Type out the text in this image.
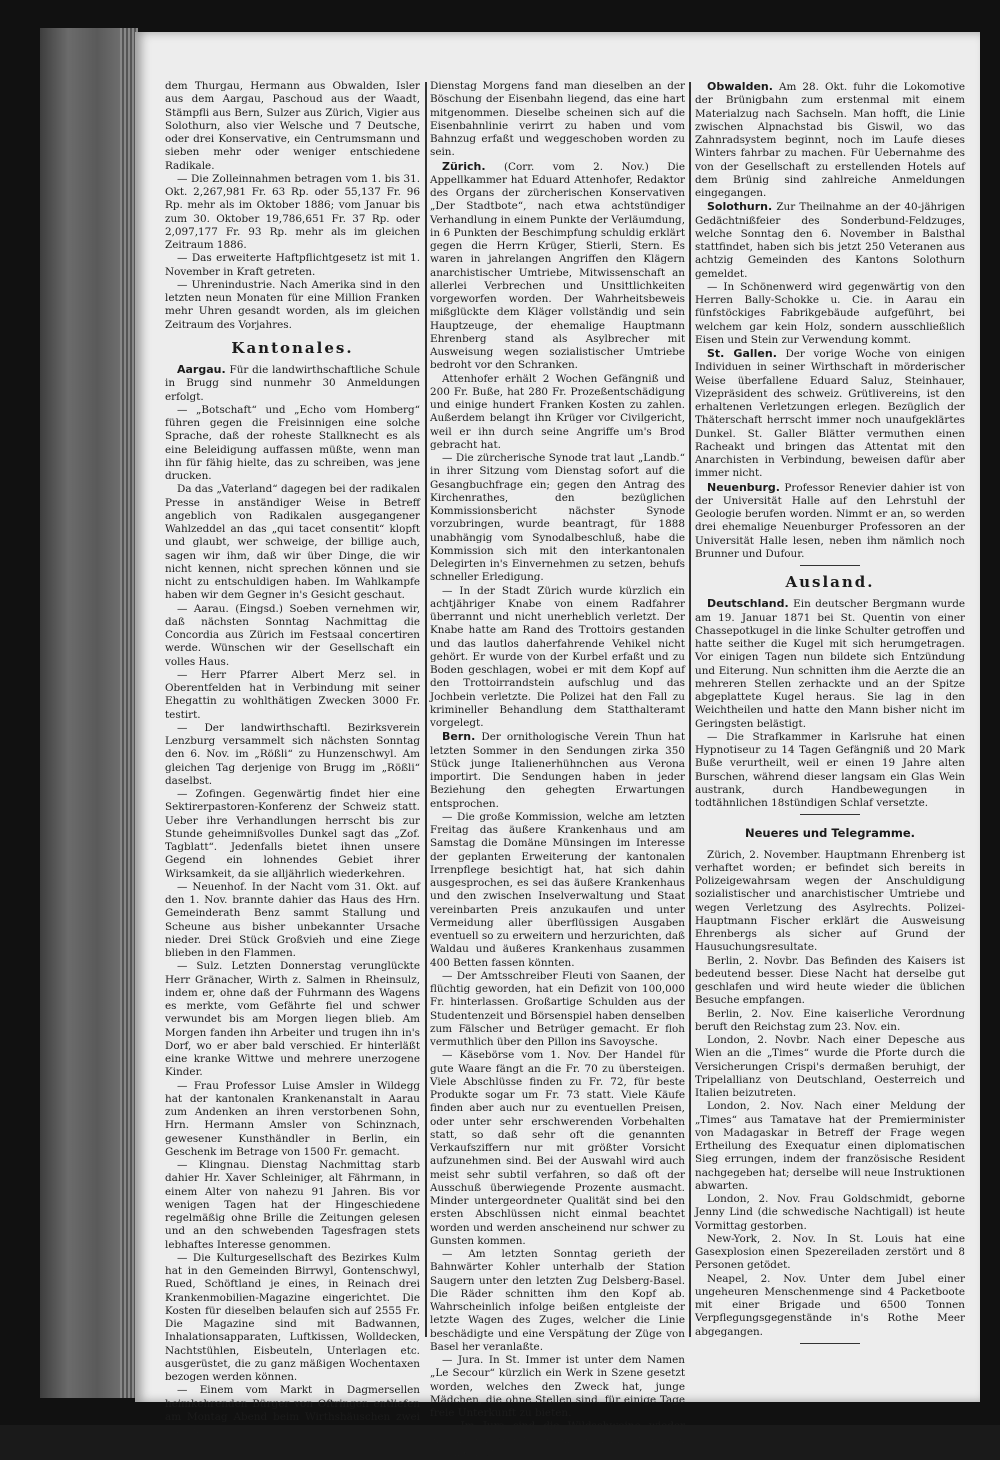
dem Thurgau, Hermann aus Obwalden, Isler aus dem Aargau, Paschoud aus der Waadt, Stämpfli aus Bern, Sulzer aus Zürich, Vigier aus Solothurn, also vier Welsche und 7 Deutsche, oder drei Konservative, ein Centrumsmann und sieben mehr oder weniger entschiedene Radikale.

— Die Zolleinnahmen betragen vom 1. bis 31. Okt. 2,267,981 Fr. 63 Rp. oder 55,137 Fr. 96 Rp. mehr als im Oktober 1886; vom Januar bis zum 30. Oktober 19,786,651 Fr. 37 Rp. oder 2,097,177 Fr. 93 Rp. mehr als im gleichen Zeitraum 1886.

— Das erweiterte Haftpflichtgesetz ist mit 1. November in Kraft getreten.

— Uhrenindustrie. Nach Amerika sind in den letzten neun Monaten für eine Million Franken mehr Uhren gesandt worden, als im gleichen Zeitraum des Vorjahres.

Kantonales.

Aargau. Für die landwirthschaftliche Schule in Brugg sind nunmehr 30 Anmeldungen erfolgt.

— „Botschaft“ und „Echo vom Homberg“ führen gegen die Freisinnigen eine solche Sprache, daß der roheste Stallknecht es als eine Beleidigung auffassen müßte, wenn man ihn für fähig hielte, das zu schreiben, was jene drucken.

Da das „Vaterland“ dagegen bei der radikalen Presse in anständiger Weise in Betreff angeblich von Radikalen ausgegangener Wahlzeddel an das „qui tacet consentit“ klopft und glaubt, wer schweige, der billige auch, sagen wir ihm, daß wir über Dinge, die wir nicht kennen, nicht sprechen können und sie nicht zu entschuldigen haben. Im Wahlkampfe haben wir dem Gegner in's Gesicht geschaut.

— Aarau. (Eingsd.) Soeben vernehmen wir, daß nächsten Sonntag Nachmittag die Concordia aus Zürich im Festsaal concertiren werde. Wünschen wir der Gesellschaft ein volles Haus.

— Herr Pfarrer Albert Merz sel. in Oberentfelden hat in Verbindung mit seiner Ehegattin zu wohlthätigen Zwecken 3000 Fr. testirt.

— Der landwirthschaftl. Bezirksverein Lenzburg versammelt sich nächsten Sonntag den 6. Nov. im „Rößli“ zu Hunzenschwyl. Am gleichen Tag derjenige von Brugg im „Rößli“ daselbst.

— Zofingen. Gegenwärtig findet hier eine Sektirerpastoren-Konferenz der Schweiz statt. Ueber ihre Verhandlungen herrscht bis zur Stunde geheimnißvolles Dunkel sagt das „Zof. Tagblatt“. Jedenfalls bietet ihnen unsere Gegend ein lohnendes Gebiet ihrer Wirksamkeit, da sie alljährlich wiederkehren.

— Neuenhof. In der Nacht vom 31. Okt. auf den 1. Nov. brannte dahier das Haus des Hrn. Gemeinderath Benz sammt Stallung und Scheune aus bisher unbekannter Ursache nieder. Drei Stück Großvieh und eine Ziege blieben in den Flammen.

— Sulz. Letzten Donnerstag verunglückte Herr Gränacher, Wirth z. Salmen in Rheinsulz, indem er, ohne daß der Fuhrmann des Wagens es merkte, vom Gefährte fiel und schwer verwundet bis am Morgen liegen blieb. Am Morgen fanden ihn Arbeiter und trugen ihn in's Dorf, wo er aber bald verschied. Er hinterläßt eine kranke Wittwe und mehrere unerzogene Kinder.

— Frau Professor Luise Amsler in Wildegg hat der kantonalen Krankenanstalt in Aarau zum Andenken an ihren verstorbenen Sohn, Hrn. Hermann Amsler von Schinznach, gewesener Kunsthändler in Berlin, ein Geschenk im Betrage von 1500 Fr. gemacht.

— Klingnau. Dienstag Nachmittag starb dahier Hr. Xaver Schleiniger, alt Fährmann, in einem Alter von nahezu 91 Jahren. Bis vor wenigen Tagen hat der Hingeschiedene regelmäßig ohne Brille die Zeitungen gelesen und an den schwebenden Tagesfragen stets lebhaftes Interesse genommen.

— Die Kulturgesellschaft des Bezirkes Kulm hat in den Gemeinden Birrwyl, Gontenschwyl, Rued, Schöftland je eines, in Reinach drei Krankenmobilien-Magazine eingerichtet. Die Kosten für dieselben belaufen sich auf 2555 Fr. Die Magazine sind mit Badwannen, Inhalationsapparaten, Luftkissen, Wolldecken, Nachtstühlen, Eisbeuteln, Unterlagen etc. ausgerüstet, die zu ganz mäßigen Wochentaxen bezogen werden können.

— Einem vom Markt in Dagmersellen heimkehrenden Bürger von Oftringen entliefen am Montag Abend beim Wirthshäuschen zwei Rinder.

Dienstag Morgens fand man dieselben an der Böschung der Eisenbahn liegend, das eine hart mitgenommen. Dieselbe scheinen sich auf die Eisenbahnlinie verirrt zu haben und vom Bahnzug erfaßt und weggeschoben worden zu sein.

Zürich. (Corr. vom 2. Nov.) Die Appellkammer hat Eduard Attenhofer, Redaktor des Organs der zürcherischen Konservativen „Der Stadtbote“, nach etwa achtstündiger Verhandlung in einem Punkte der Verläumdung, in 6 Punkten der Beschimpfung schuldig erklärt gegen die Herrn Krüger, Stierli, Stern. Es waren in jahrelangen Angriffen den Klägern anarchistischer Umtriebe, Mitwissenschaft an allerlei Verbrechen und Unsittlichkeiten vorgeworfen worden. Der Wahrheitsbeweis mißglückte dem Kläger vollständig und sein Hauptzeuge, der ehemalige Hauptmann Ehrenberg stand als Asylbrecher mit Ausweisung wegen sozialistischer Umtriebe bedroht vor den Schranken.

Attenhofer erhält 2 Wochen Gefängniß und 200 Fr. Buße, hat 280 Fr. Prozeßentschädigung und einige hundert Franken Kosten zu zahlen. Außerdem belangt ihn Krüger vor Civilgericht, weil er ihn durch seine Angriffe um's Brod gebracht hat.

— Die zürcherische Synode trat laut „Landb.“ in ihrer Sitzung vom Dienstag sofort auf die Gesangbuchfrage ein; gegen den Antrag des Kirchenrathes, den bezüglichen Kommissionsbericht nächster Synode vorzubringen, wurde beantragt, für 1888 unabhängig vom Synodalbeschluß, habe die Kommission sich mit den interkantonalen Delegirten in's Einvernehmen zu setzen, behufs schneller Erledigung.

— In der Stadt Zürich wurde kürzlich ein achtjähriger Knabe von einem Radfahrer überrannt und nicht unerheblich verletzt. Der Knabe hatte am Rand des Trottoirs gestanden und das lautlos daherfahrende Vehikel nicht gehört. Er wurde von der Kurbel erfaßt und zu Boden geschlagen, wobei er mit dem Kopf auf den Trottoirrandstein aufschlug und das Jochbein verletzte. Die Polizei hat den Fall zu krimineller Behandlung dem Statthalteramt vorgelegt.

Bern. Der ornithologische Verein Thun hat letzten Sommer in den Sendungen zirka 350 Stück junge Italienerhühnchen aus Verona importirt. Die Sendungen haben in jeder Beziehung den gehegten Erwartungen entsprochen.

— Die große Kommission, welche am letzten Freitag das äußere Krankenhaus und am Samstag die Domäne Münsingen im Interesse der geplanten Erweiterung der kantonalen Irrenpflege besichtigt hat, hat sich dahin ausgesprochen, es sei das äußere Krankenhaus und den zwischen Inselverwaltung und Staat vereinbarten Preis anzukaufen und unter Vermeidung aller überflüssigen Ausgaben eventuell so zu erweitern und herzurichten, daß Waldau und äußeres Krankenhaus zusammen 400 Betten fassen könnten.

— Der Amtsschreiber Fleuti von Saanen, der flüchtig geworden, hat ein Defizit von 100,000 Fr. hinterlassen. Großartige Schulden aus der Studentenzeit und Börsenspiel haben denselben zum Fälscher und Betrüger gemacht. Er floh vermuthlich über den Pillon ins Savoysche.

— Käsebörse vom 1. Nov. Der Handel für gute Waare fängt an die Fr. 70 zu übersteigen. Viele Abschlüsse finden zu Fr. 72, für beste Produkte sogar um Fr. 73 statt. Viele Käufe finden aber auch nur zu eventuellen Preisen, oder unter sehr erschwerenden Vorbehalten statt, so daß sehr oft die genannten Verkaufsziffern nur mit größter Vorsicht aufzunehmen sind. Bei der Auswahl wird auch meist sehr subtil verfahren, so daß oft der Ausschuß überwiegende Prozente ausmacht. Minder untergeordneter Qualität sind bei den ersten Abschlüssen nicht einmal beachtet worden und werden anscheinend nur schwer zu Gunsten kommen.

— Am letzten Sonntag gerieth der Bahnwärter Kohler unterhalb der Station Saugern unter den letzten Zug Delsberg-Basel. Die Räder schnitten ihm den Kopf ab. Wahrscheinlich infolge beißen entgleiste der letzte Wagen des Zuges, welcher die Linie beschädigte und eine Verspätung der Züge von Basel her veranlaßte.

— Jura. In St. Immer ist unter dem Namen „Le Secour“ kürzlich ein Werk in Szene gesetzt worden, welches den Zweck hat, junge Mädchen, die ohne Stellen sind, für einige Tage freie Unterkunft zu bieten.

— Im Jura sind die Wildschweine wieder erschienen, bereits hat ein Jäger in Lützel zwei Stück erlegt.

Obwalden. Am 28. Okt. fuhr die Lokomotive der Brünigbahn zum erstenmal mit einem Materialzug nach Sachseln. Man hofft, die Linie zwischen Alpnachstad bis Giswil, wo das Zahnradsystem beginnt, noch im Laufe dieses Winters fahrbar zu machen. Für Uebernahme des von der Gesellschaft zu erstellenden Hotels auf dem Brünig sind zahlreiche Anmeldungen eingegangen.

Solothurn. Zur Theilnahme an der 40-jährigen Gedächtnißfeier des Sonderbund-Feldzuges, welche Sonntag den 6. November in Balsthal stattfindet, haben sich bis jetzt 250 Veteranen aus achtzig Gemeinden des Kantons Solothurn gemeldet.

— In Schönenwerd wird gegenwärtig von den Herren Bally-Schokke u. Cie. in Aarau ein fünfstöckiges Fabrikgebäude aufgeführt, bei welchem gar kein Holz, sondern ausschließlich Eisen und Stein zur Verwendung kommt.

St. Gallen. Der vorige Woche von einigen Individuen in seiner Wirthschaft in mörderischer Weise überfallene Eduard Saluz, Steinhauer, Vizepräsident des schweiz. Grütlivereins, ist den erhaltenen Verletzungen erlegen. Bezüglich der Thäterschaft herrscht immer noch unaufgeklärtes Dunkel. St. Galler Blätter vermuthen einen Racheakt und bringen das Attentat mit den Anarchisten in Verbindung, beweisen dafür aber immer nicht.

Neuenburg. Professor Renevier dahier ist von der Universität Halle auf den Lehrstuhl der Geologie berufen worden. Nimmt er an, so werden drei ehemalige Neuenburger Professoren an der Universität Halle lesen, neben ihm nämlich noch Brunner und Dufour.

Ausland.

Deutschland. Ein deutscher Bergmann wurde am 19. Januar 1871 bei St. Quentin von einer Chassepotkugel in die linke Schulter getroffen und hatte seither die Kugel mit sich herumgetragen. Vor einigen Tagen nun bildete sich Entzündung und Eiterung. Nun schnitten ihm die Aerzte die an mehreren Stellen zerhackte und an der Spitze abgeplattete Kugel heraus. Sie lag in den Weichtheilen und hatte den Mann bisher nicht im Geringsten belästigt.

— Die Strafkammer in Karlsruhe hat einen Hypnotiseur zu 14 Tagen Gefängniß und 20 Mark Buße verurtheilt, weil er einen 19 Jahre alten Burschen, während dieser langsam ein Glas Wein austrank, durch Handbewegungen in todtähnlichen 18stündigen Schlaf versetzte.

Neueres und Telegramme.

Zürich, 2. November. Hauptmann Ehrenberg ist verhaftet worden; er befindet sich bereits in Polizeigewahrsam wegen der Anschuldigung sozialistischer und anarchistischer Umtriebe und wegen Verletzung des Asylrechts. Polizei-Hauptmann Fischer erklärt die Ausweisung Ehrenbergs als sicher auf Grund der Hausuchungsresultate.

Berlin, 2. Novbr. Das Befinden des Kaisers ist bedeutend besser. Diese Nacht hat derselbe gut geschlafen und wird heute wieder die üblichen Besuche empfangen.

Berlin, 2. Nov. Eine kaiserliche Verordnung beruft den Reichstag zum 23. Nov. ein.

London, 2. Novbr. Nach einer Depesche aus Wien an die „Times“ wurde die Pforte durch die Versicherungen Crispi's dermaßen beruhigt, der Tripelallianz von Deutschland, Oesterreich und Italien beizutreten.

London, 2. Nov. Nach einer Meldung der „Times“ aus Tamatave hat der Premierminister von Madagaskar in Betreff der Frage wegen Ertheilung des Exequatur einen diplomatischen Sieg errungen, indem der französische Resident nachgegeben hat; derselbe will neue Instruktionen abwarten.

London, 2. Nov. Frau Goldschmidt, geborne Jenny Lind (die schwedische Nachtigall) ist heute Vormittag gestorben.

New-York, 2. Nov. In St. Louis hat eine Gasexplosion einen Spezereiladen zerstört und 8 Personen getödet.

Neapel, 2. Nov. Unter dem Jubel einer ungeheuren Menschenmenge sind 4 Packetboote mit einer Brigade und 6500 Tonnen Verpflegungsgegenstände in's Rothe Meer abgegangen.
